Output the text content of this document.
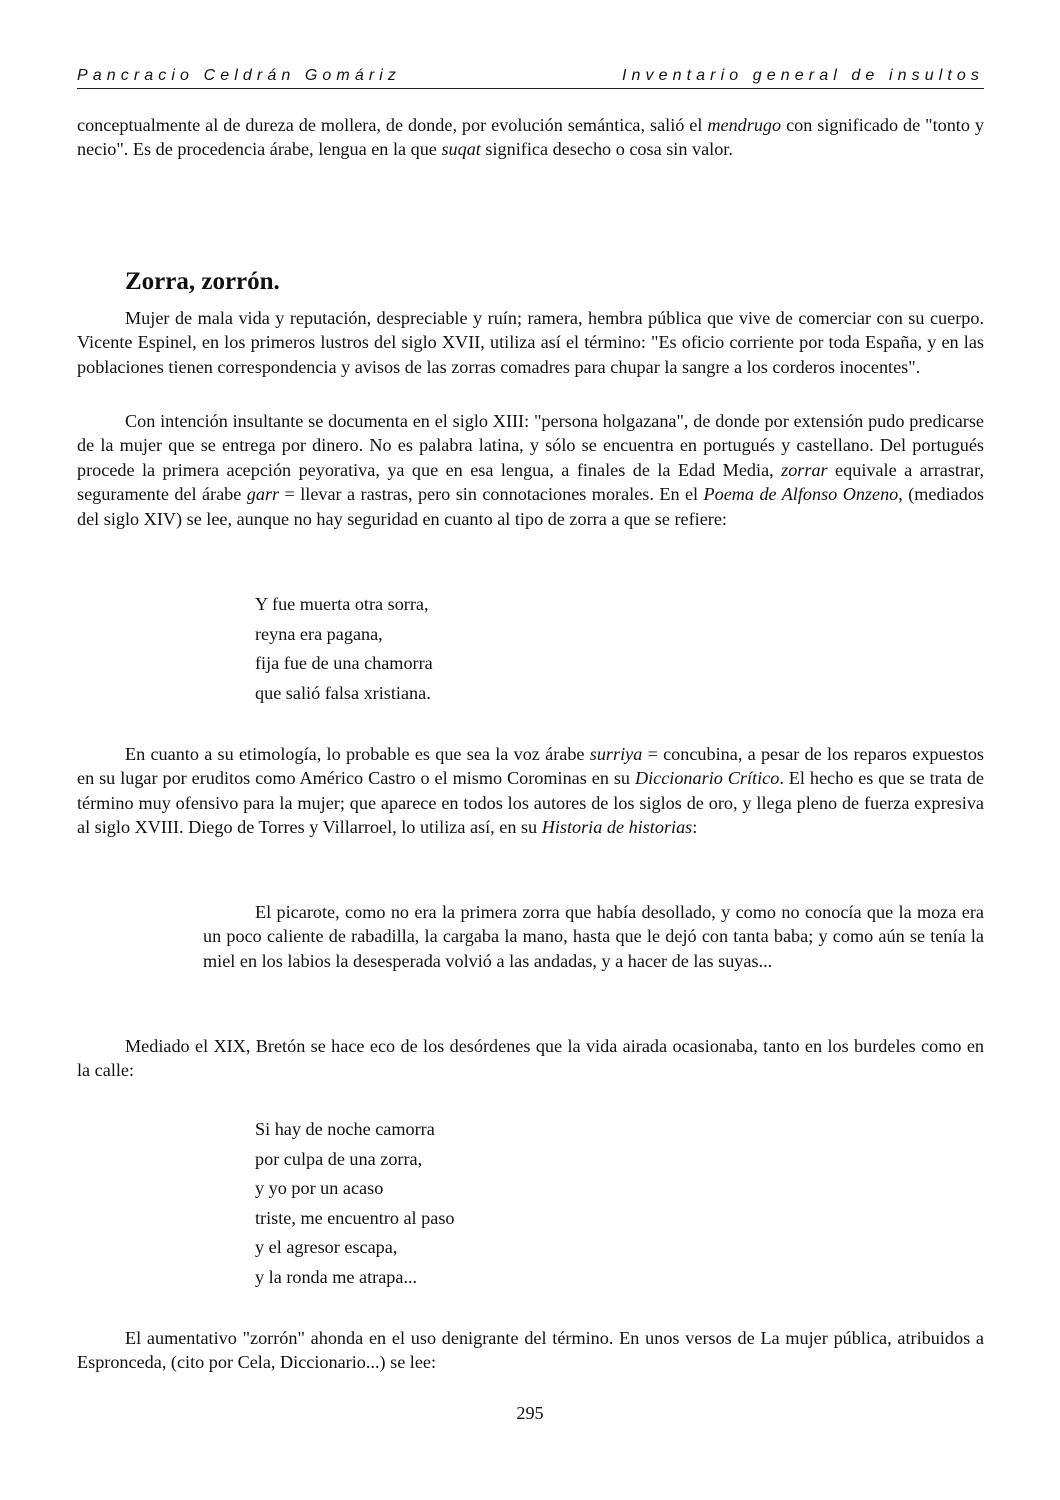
Pancracio Celdrán Gomáriz	Inventario general de insultos

conceptualmente al de dureza de mollera, de donde, por evolución semántica, salió el mendrugo con significado de "tonto y necio". Es de procedencia árabe, lengua en la que suqat significa desecho o cosa sin valor.

Zorra, zorrón.

Mujer de mala vida y reputación, despreciable y ruín; ramera, hembra pública que vive de comerciar con su cuerpo. Vicente Espinel, en los primeros lustros del siglo XVII, utiliza así el término: "Es oficio corriente por toda España, y en las poblaciones tienen correspondencia y avisos de las zorras comadres para chupar la sangre a los corderos inocentes".

Con intención insultante se documenta en el siglo XIII: "persona holgazana", de donde por extensión pudo predicarse de la mujer que se entrega por dinero. No es palabra latina, y sólo se encuentra en portugués y castellano. Del portugués procede la primera acepción peyorativa, ya que en esa lengua, a finales de la Edad Media, zorrar equivale a arrastrar, seguramente del árabe garr = llevar a rastras, pero sin connotaciones morales. En el Poema de Alfonso Onzeno, (mediados del siglo XIV) se lee, aunque no hay seguridad en cuanto al tipo de zorra a que se refiere:

Y fue muerta otra sorra,
reyna era pagana,
fija fue de una chamorra
que salió falsa xristiana.

En cuanto a su etimología, lo probable es que sea la voz árabe surriya = concubina, a pesar de los reparos expuestos en su lugar por eruditos como Américo Castro o el mismo Corominas en su Diccionario Crítico. El hecho es que se trata de término muy ofensivo para la mujer; que aparece en todos los autores de los siglos de oro, y llega pleno de fuerza expresiva al siglo XVIII. Diego de Torres y Villarroel, lo utiliza así, en su Historia de historias:

El picarote, como no era la primera zorra que había desollado, y como no conocía que la moza era un poco caliente de rabadilla, la cargaba la mano, hasta que le dejó con tanta baba; y como aún se tenía la miel en los labios la desesperada volvió a las andadas, y a hacer de las suyas...

Mediado el XIX, Bretón se hace eco de los desórdenes que la vida airada ocasionaba, tanto en los burdeles como en la calle:

Si hay de noche camorra
por culpa de una zorra,
y yo por un acaso
triste, me encuentro al paso
y el agresor escapa,
y la ronda me atrapa...

El aumentativo "zorrón" ahonda en el uso denigrante del término. En unos versos de La mujer pública, atribuidos a Espronceda, (cito por Cela, Diccionario...) se lee:

295
